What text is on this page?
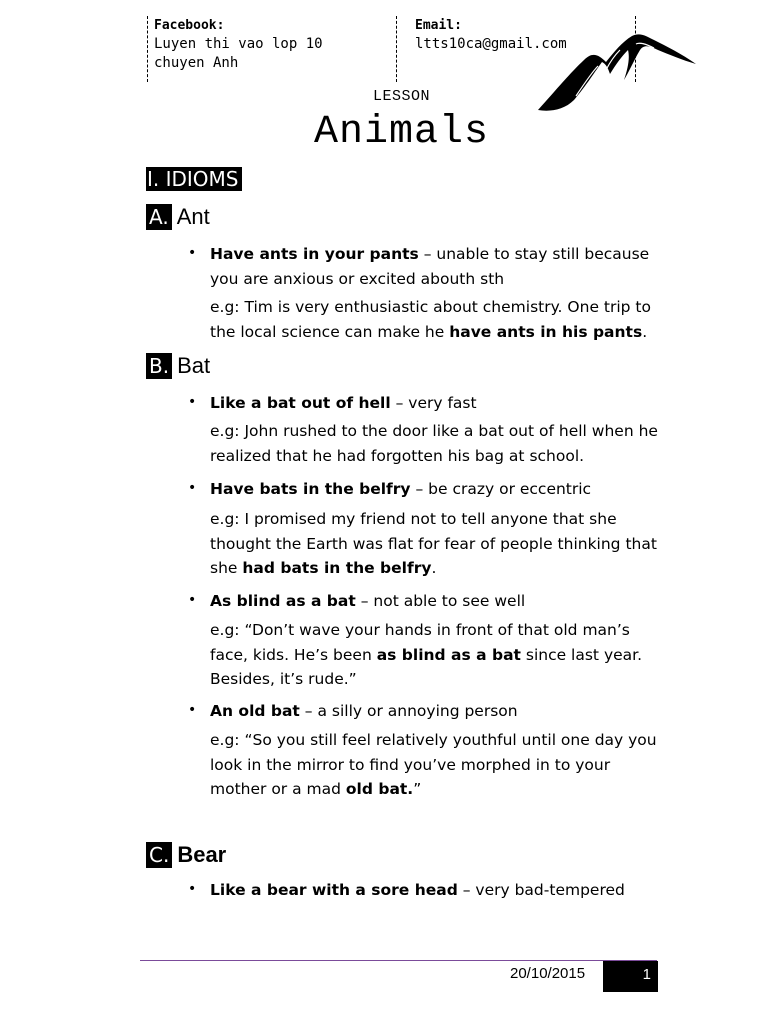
Facebook:
Luyen thi vao lop 10
chuyen Anh
Email:
ltts10ca@gmail.com
LESSON
Animals
I. IDIOMS
A. Ant
• Have ants in your pants – unable to stay still because you are anxious or excited abouth sth
e.g: Tim is very enthusiastic about chemistry. One trip to the local science can make he have ants in his pants.
B. Bat
• Like a bat out of hell – very fast
e.g: John rushed to the door like a bat out of hell when he realized that he had forgotten his bag at school.
• Have bats in the belfry – be crazy or eccentric
e.g: I promised my friend not to tell anyone that she thought the Earth was flat for fear of people thinking that she had bats in the belfry.
• As blind as a bat – not able to see well
e.g: “Don’t wave your hands in front of that old man’s face, kids. He’s been as blind as a bat since last year. Besides, it’s rude.”
• An old bat – a silly or annoying person
e.g: “So you still feel relatively youthful until one day you look in the mirror to find you’ve morphed in to your mother or a mad old bat.”
C. Bear
• Like a bear with a sore head – very bad-tempered
20/10/2015	1
